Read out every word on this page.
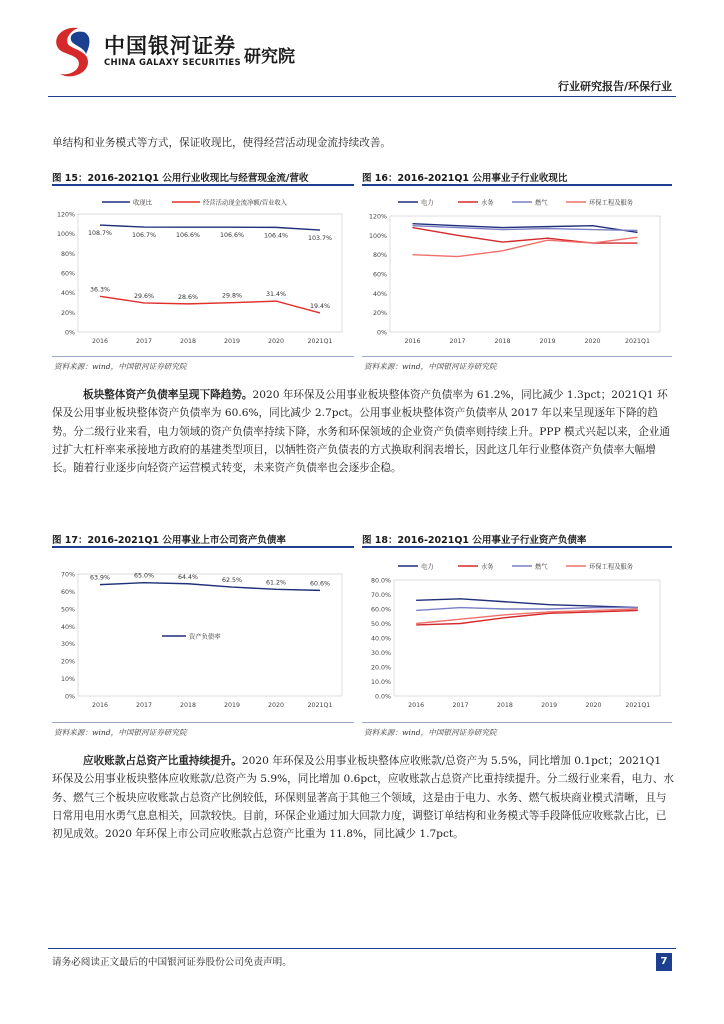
中国银河证券
CHINA GALAXY SECURITIES 研究院
行业研究报告/环保行业
单结构和业务模式等方式，保证收现比，使得经营活动现金流持续改善。
图 15：2016-2021Q1 公用行业收现比与经营现金流/营收
0%
20%
40%
60%
80%
100%
120%
2016	2017	2018	2019	2020	2021Q1
108.7%	106.7%	106.6%	106.6%	106.4%	103.7%
收现比
36.3%
29.6%	28.6%	29.8%	31.4%
19.4%
经营活动现金流净额/营业收入
资料来源：wind，中国银河证券研究院
图 16：2016-2021Q1 公用事业子行业收现比
0%
20%
40%
60%
80%
100%
120%
2016	2017	2018	2019	2020	2021Q1
电力	水务	燃气	环保工程及服务
资料来源：wind，中国银河证券研究院
板块整体资产负债率呈现下降趋势。2020 年环保及公用事业板块整体资产负债率为 61.2%，同比减少 1.3pct；2021Q1 环保及公用事业板块整体资产负债率为 60.6%，同比减少 2.7pct。公用事业板块整体资产负债率从 2017 年以来呈现逐年下降的趋势。分二级行业来看，电力领域的资产负债率持续下降，水务和环保领域的企业资产负债率则持续上升。PPP 模式兴起以来，企业通过扩大杠杆率来承接地方政府的基建类型项目，以牺牲资产负债表的方式换取利润表增长，因此这几年行业整体资产负债率大幅增长。随着行业逐步向轻资产运营模式转变，未来资产负债率也会逐步企稳。
图 17：2016-2021Q1 公用事业上市公司资产负债率
0%
10%
20%
30%
40%
50%
60%
70%
2016	2017	2018	2019	2020	2021Q1
63.9%	65.0%	64.4%	62.5%	61.2%	60.6%
资产负债率
资料来源：wind，中国银河证券研究院
图 18：2016-2021Q1 公用事业子行业资产负债率
0.0%
10.0%
20.0%
30.0%
40.0%
50.0%
60.0%
70.0%
80.0%
2016	2017	2018	2019	2020	2021Q1
电力	水务	燃气	环保工程及服务
资料来源：wind，中国银河证券研究院
应收账款占总资产比重持续提升。2020 年环保及公用事业板块整体应收账款/总资产为 5.5%，同比增加 0.1pct；2021Q1 环保及公用事业板块整体应收账款/总资产为 5.9%，同比增加 0.6pct，应收账款占总资产比重持续提升。分二级行业来看，电力、水务、燃气三个板块应收账款占总资产比例较低，环保则显著高于其他三个领域，这是由于电力、水务、燃气板块商业模式清晰，且与日常用电用水勇气息息相关，回款较快。目前，环保企业通过加大回款力度，调整订单结构和业务模式等手段降低应收账款占比，已初见成效。2020 年环保上市公司应收账款占总资产比重为 11.8%，同比减少 1.7pct。
请务必阅读正文最后的中国银河证券股份公司免责声明。	7
